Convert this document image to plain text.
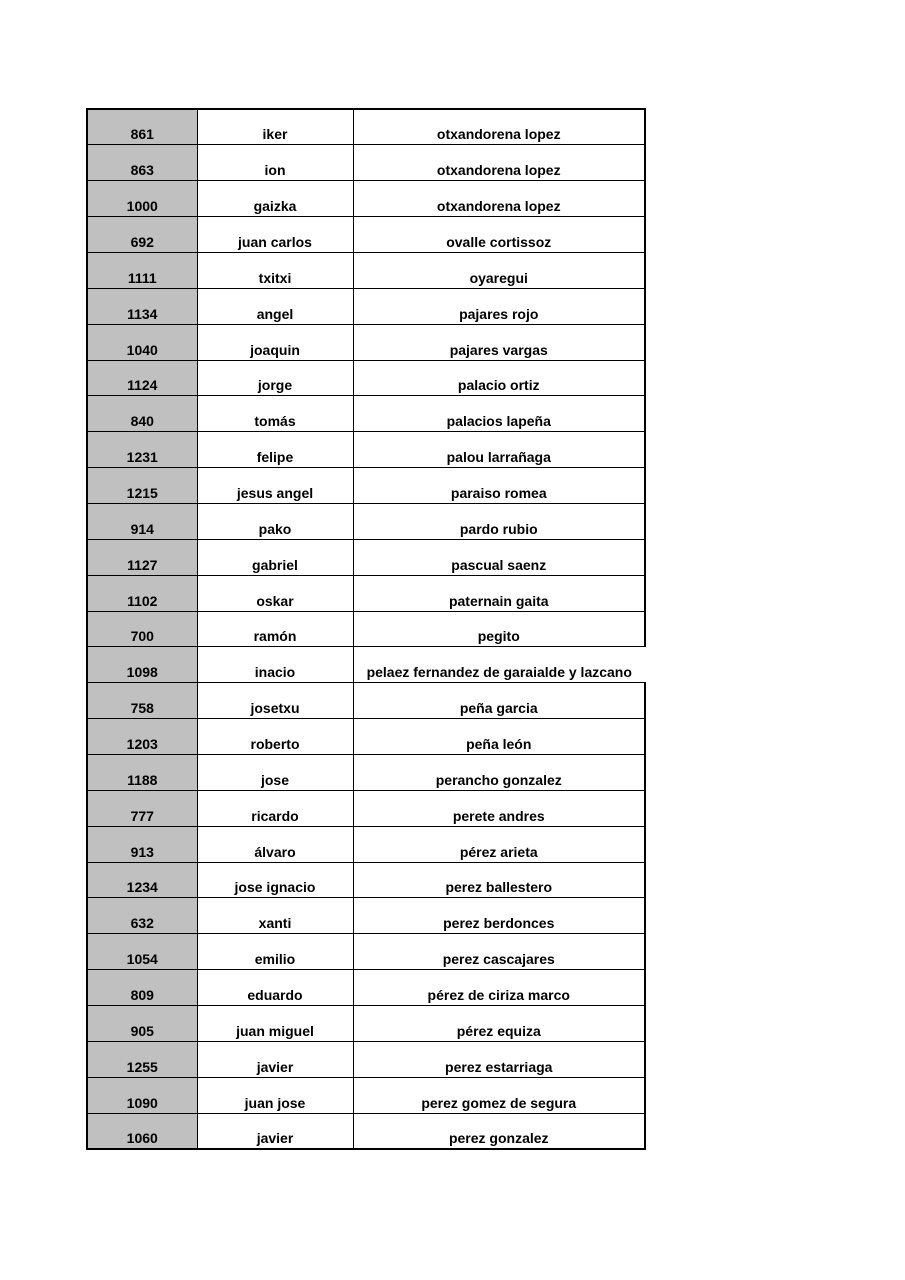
861	iker	otxandorena lopez
863	ion	otxandorena lopez
1000	gaizka	otxandorena lopez
692	juan carlos	ovalle cortissoz
1111	txitxi	oyaregui
1134	angel	pajares rojo
1040	joaquin	pajares vargas
1124	jorge	palacio ortiz
840	tomás	palacios lapeña
1231	felipe	palou larrañaga
1215	jesus angel	paraiso romea
914	pako	pardo rubio
1127	gabriel	pascual saenz
1102	oskar	paternain gaita
700	ramón	pegito
1098	inacio	pelaez fernandez de garaialde y lazcano
758	josetxu	peña garcia
1203	roberto	peña león
1188	jose	perancho gonzalez
777	ricardo	perete andres
913	álvaro	pérez arieta
1234	jose ignacio	perez ballestero
632	xanti	perez berdonces
1054	emilio	perez cascajares
809	eduardo	pérez de ciriza marco
905	juan miguel	pérez equiza
1255	javier	perez estarriaga
1090	juan jose	perez gomez de segura
1060	javier	perez gonzalez
